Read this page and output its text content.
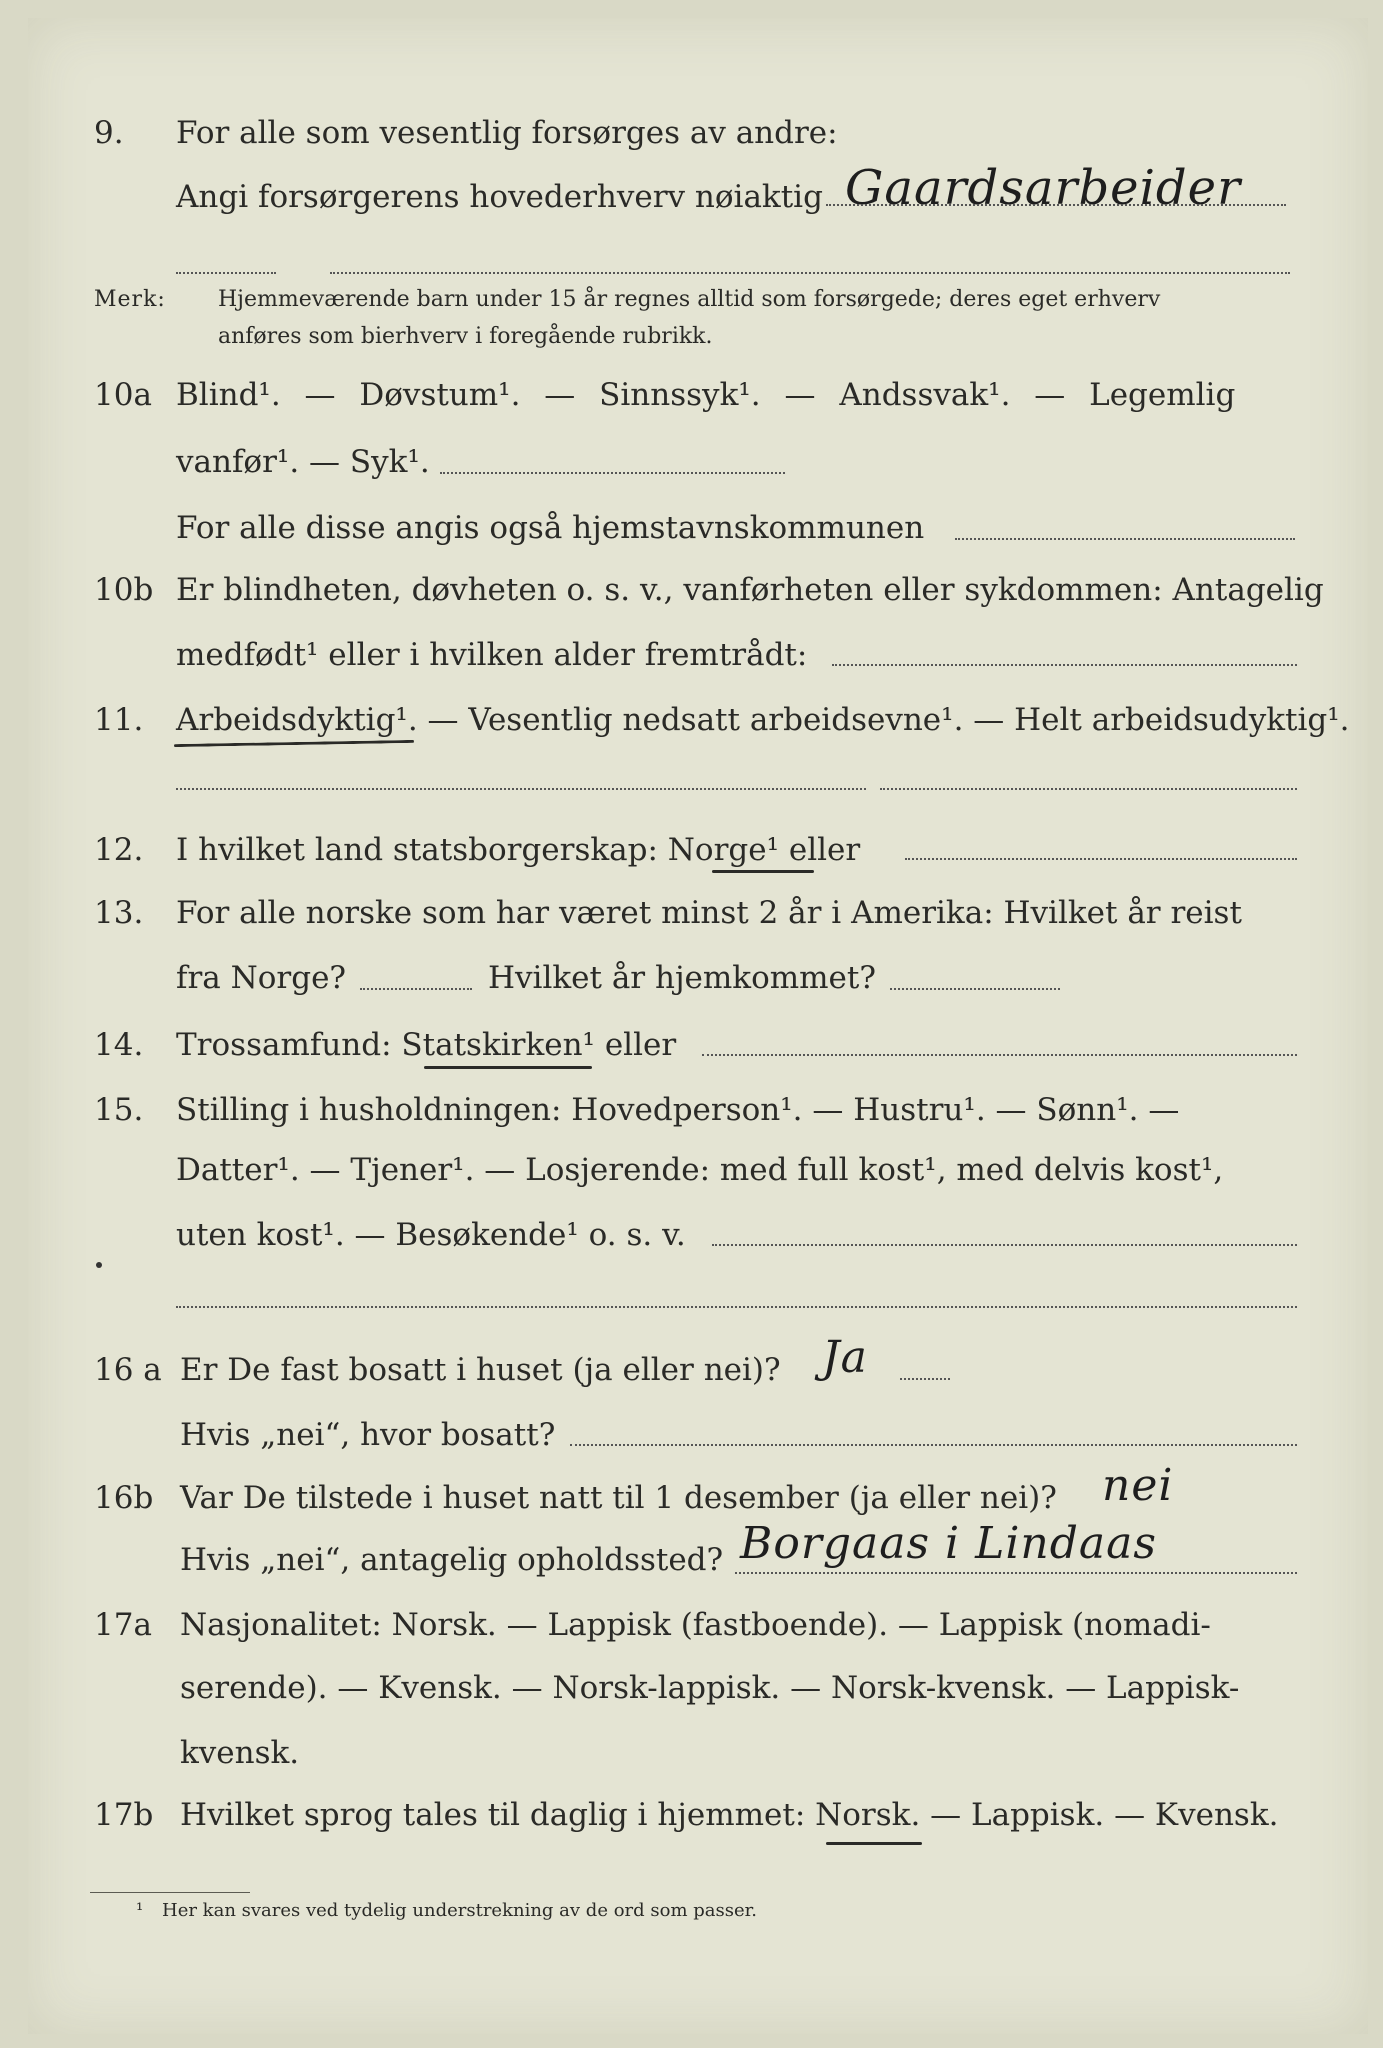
9. For alle som vesentlig forsørges av andre:
Angi forsørgerens hovederhverv nøiaktig Gaardsarbeider
Merk: Hjemmeværende barn under 15 år regnes alltid som forsørgede; deres eget erhverv
anføres som bierhverv i foregående rubrikk.
10a Blind¹. — Døvstum¹. — Sinnssyk¹. — Andssvak¹. — Legemlig
vanfør¹. — Syk¹.
For alle disse angis også hjemstavnskommunen
10b Er blindheten, døvheten o. s. v., vanførheten eller sykdommen: Antagelig
medfødt¹ eller i hvilken alder fremtrådt:
11. Arbeidsdyktig¹. — Vesentlig nedsatt arbeidsevne¹. — Helt arbeidsudyktig¹.
12. I hvilket land statsborgerskap: Norge¹ eller
13. For alle norske som har været minst 2 år i Amerika: Hvilket år reist
fra Norge?	Hvilket år hjemkommet?
14. Trossamfund: Statskirken¹ eller
15. Stilling i husholdningen: Hovedperson¹. — Hustru¹. — Sønn¹. —
Datter¹. — Tjener¹. — Losjerende: med full kost¹, med delvis kost¹,
uten kost¹. — Besøkende¹ o. s. v.
16 a Er De fast bosatt i huset (ja eller nei)? Ja
Hvis „nei“, hvor bosatt?
16b Var De tilstede i huset natt til 1 desember (ja eller nei)? nei
Hvis „nei“, antagelig opholdssted? Borgaas i Lindaas
17a Nasjonalitet: Norsk. — Lappisk (fastboende). — Lappisk (nomadi-
serende). — Kvensk. — Norsk-lappisk. — Norsk-kvensk. — Lappisk-
kvensk.
17b Hvilket sprog tales til daglig i hjemmet: Norsk. — Lappisk. — Kvensk.
¹ Her kan svares ved tydelig understrekning av de ord som passer.
